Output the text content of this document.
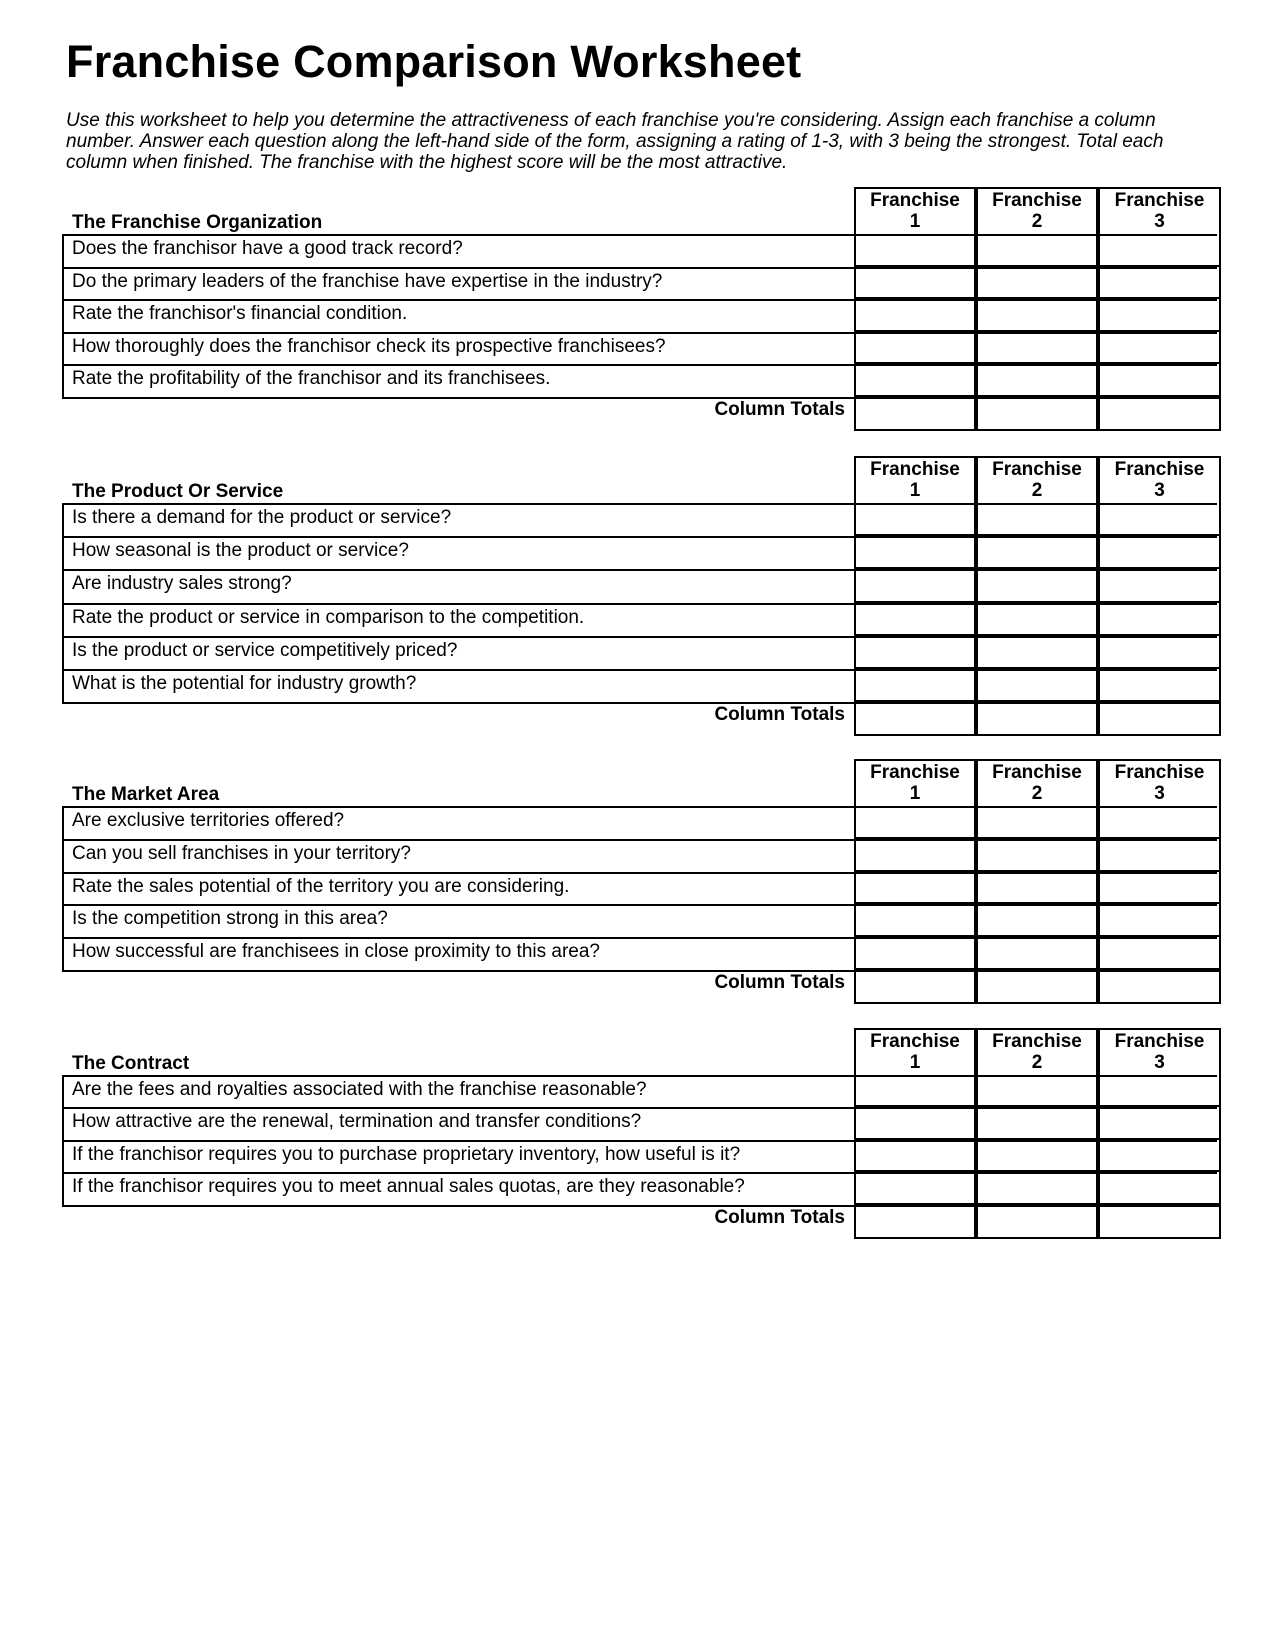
Franchise Comparison Worksheet
Use this worksheet to help you determine the attractiveness of each franchise you're considering. Assign each franchise a column number. Answer each question along the left-hand side of the form, assigning a rating of 1-3, with 3 being the strongest. Total each column when finished. The franchise with the highest score will be the most attractive.
The Franchise Organization
Franchise
1
Franchise
2
Franchise
3
Does the franchisor have a good track record?
Do the primary leaders of the franchise have expertise in the industry?
Rate the franchisor's financial condition.
How thoroughly does the franchisor check its prospective franchisees?
Rate the profitability of the franchisor and its franchisees.
Column Totals
The Product Or Service
Franchise
1
Franchise
2
Franchise
3
Is there a demand for the product or service?
How seasonal is the product or service?
Are industry sales strong?
Rate the product or service in comparison to the competition.
Is the product or service competitively priced?
What is the potential for industry growth?
Column Totals
The Market Area
Franchise
1
Franchise
2
Franchise
3
Are exclusive territories offered?
Can you sell franchises in your territory?
Rate the sales potential of the territory you are considering.
Is the competition strong in this area?
How successful are franchisees in close proximity to this area?
Column Totals
The Contract
Franchise
1
Franchise
2
Franchise
3
Are the fees and royalties associated with the franchise reasonable?
How attractive are the renewal, termination and transfer conditions?
If the franchisor requires you to purchase proprietary inventory, how useful is it?
If the franchisor requires you to meet annual sales quotas, are they reasonable?
Column Totals
